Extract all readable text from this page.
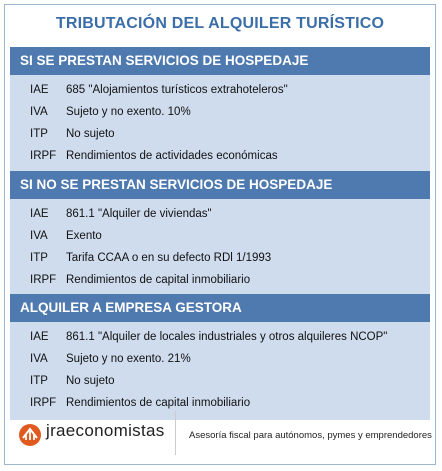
TRIBUTACIÓN DEL ALQUILER TURÍSTICO
SI SE PRESTAN SERVICIOS DE HOSPEDAJE
IAE	685 "Alojamientos turísticos extrahoteleros"
IVA	Sujeto y no exento. 10%
ITP	No sujeto
IRPF Rendimientos de actividades económicas
SI NO SE PRESTAN SERVICIOS DE HOSPEDAJE
IAE	861.1 "Alquiler de viviendas"
IVA	Exento
ITP	Tarifa CCAA o en su defecto RDl 1/1993
IRPF Rendimientos de capital inmobiliario
ALQUILER A EMPRESA GESTORA
IAE	861.1 "Alquiler de locales industriales y otros alquileres NCOP"
IVA	Sujeto y no exento. 21%
ITP	No sujeto
IRPF Rendimientos de capital inmobiliario
jraeconomistas	Asesoría fiscal para autónomos, pymes y emprendedores
